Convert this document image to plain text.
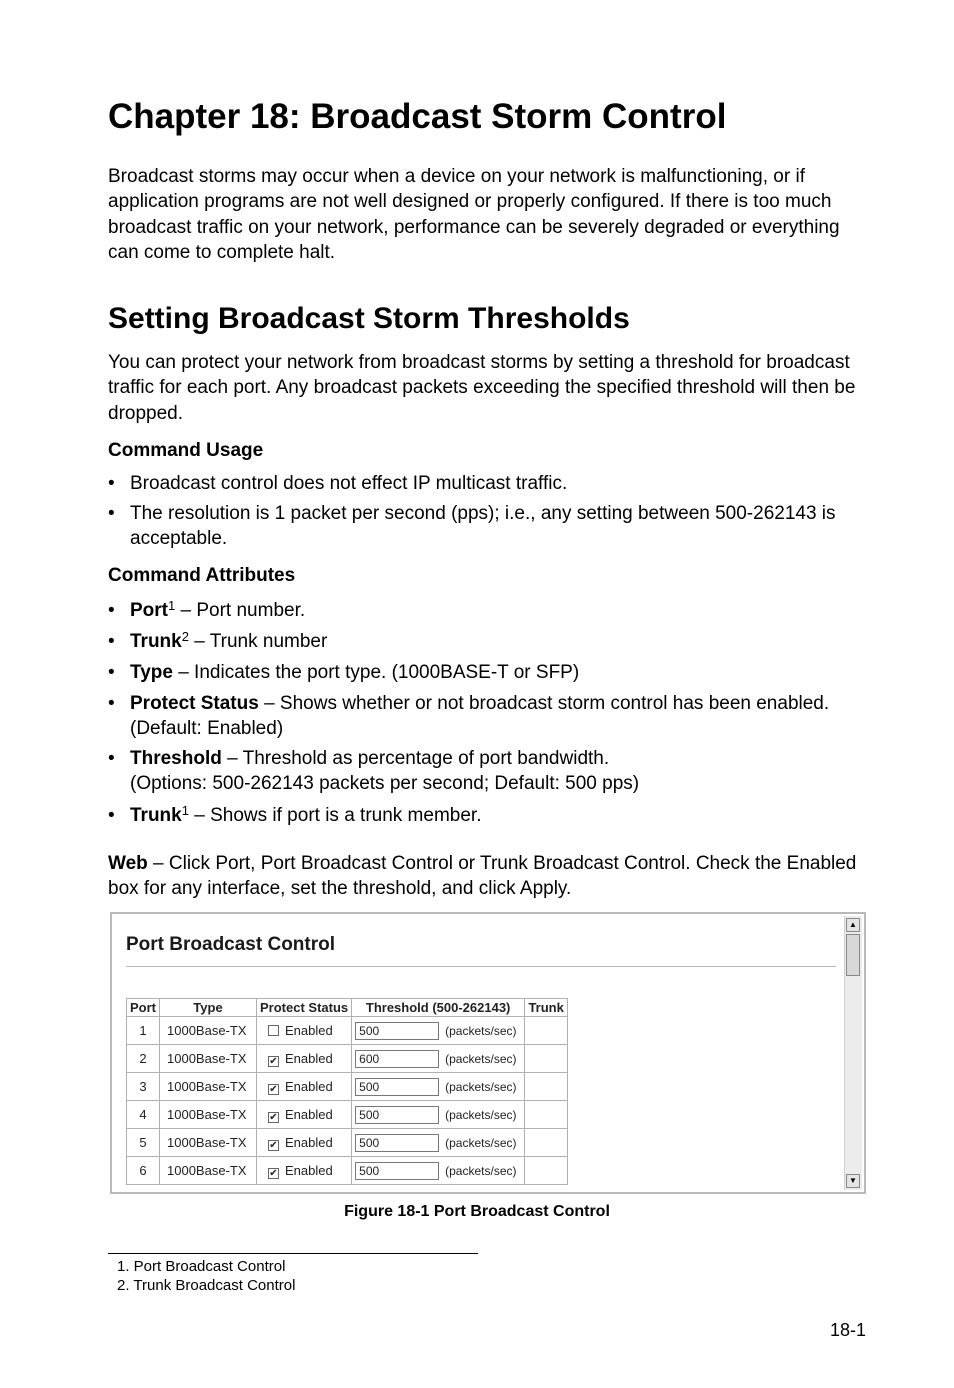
Chapter 18: Broadcast Storm Control

Broadcast storms may occur when a device on your network is malfunctioning, or if application programs are not well designed or properly configured. If there is too much broadcast traffic on your network, performance can be severely degraded or everything can come to complete halt.

Setting Broadcast Storm Thresholds

You can protect your network from broadcast storms by setting a threshold for broadcast traffic for each port. Any broadcast packets exceeding the specified threshold will then be dropped.

Command Usage
• Broadcast control does not effect IP multicast traffic.
• The resolution is 1 packet per second (pps); i.e., any setting between 500-262143 is acceptable.
Command Attributes
• Port$^1$ – Port number.
• Trunk$^2$ – Trunk number
• Type – Indicates the port type. (1000BASE-T or SFP)
• Protect Status – Shows whether or not broadcast storm control has been enabled. (Default: Enabled)
• Threshold – Threshold as percentage of port bandwidth.
(Options: 500-262143 packets per second; Default: 500 pps)
• Trunk$^1$ – Shows if port is a trunk member.

Web – Click Port, Port Broadcast Control or Trunk Broadcast Control. Check the Enabled box for any interface, set the threshold, and click Apply.

Port Broadcast Control
Port	Type	Protect Status	Threshold (500-262143)	Trunk
1	1000Base-TX	Enabled	500 (packets/sec)	
2	1000Base-TX	✔ Enabled	600 (packets/sec)	
3	1000Base-TX	✔ Enabled	500 (packets/sec)	
4	1000Base-TX	✔ Enabled	500 (packets/sec)	
5	1000Base-TX	✔ Enabled	500 (packets/sec)	
6	1000Base-TX	✔ Enabled	500 (packets/sec)	
▲
▼
Figure 18-1 Port Broadcast Control
1. Port Broadcast Control
2. Trunk Broadcast Control
18-1
